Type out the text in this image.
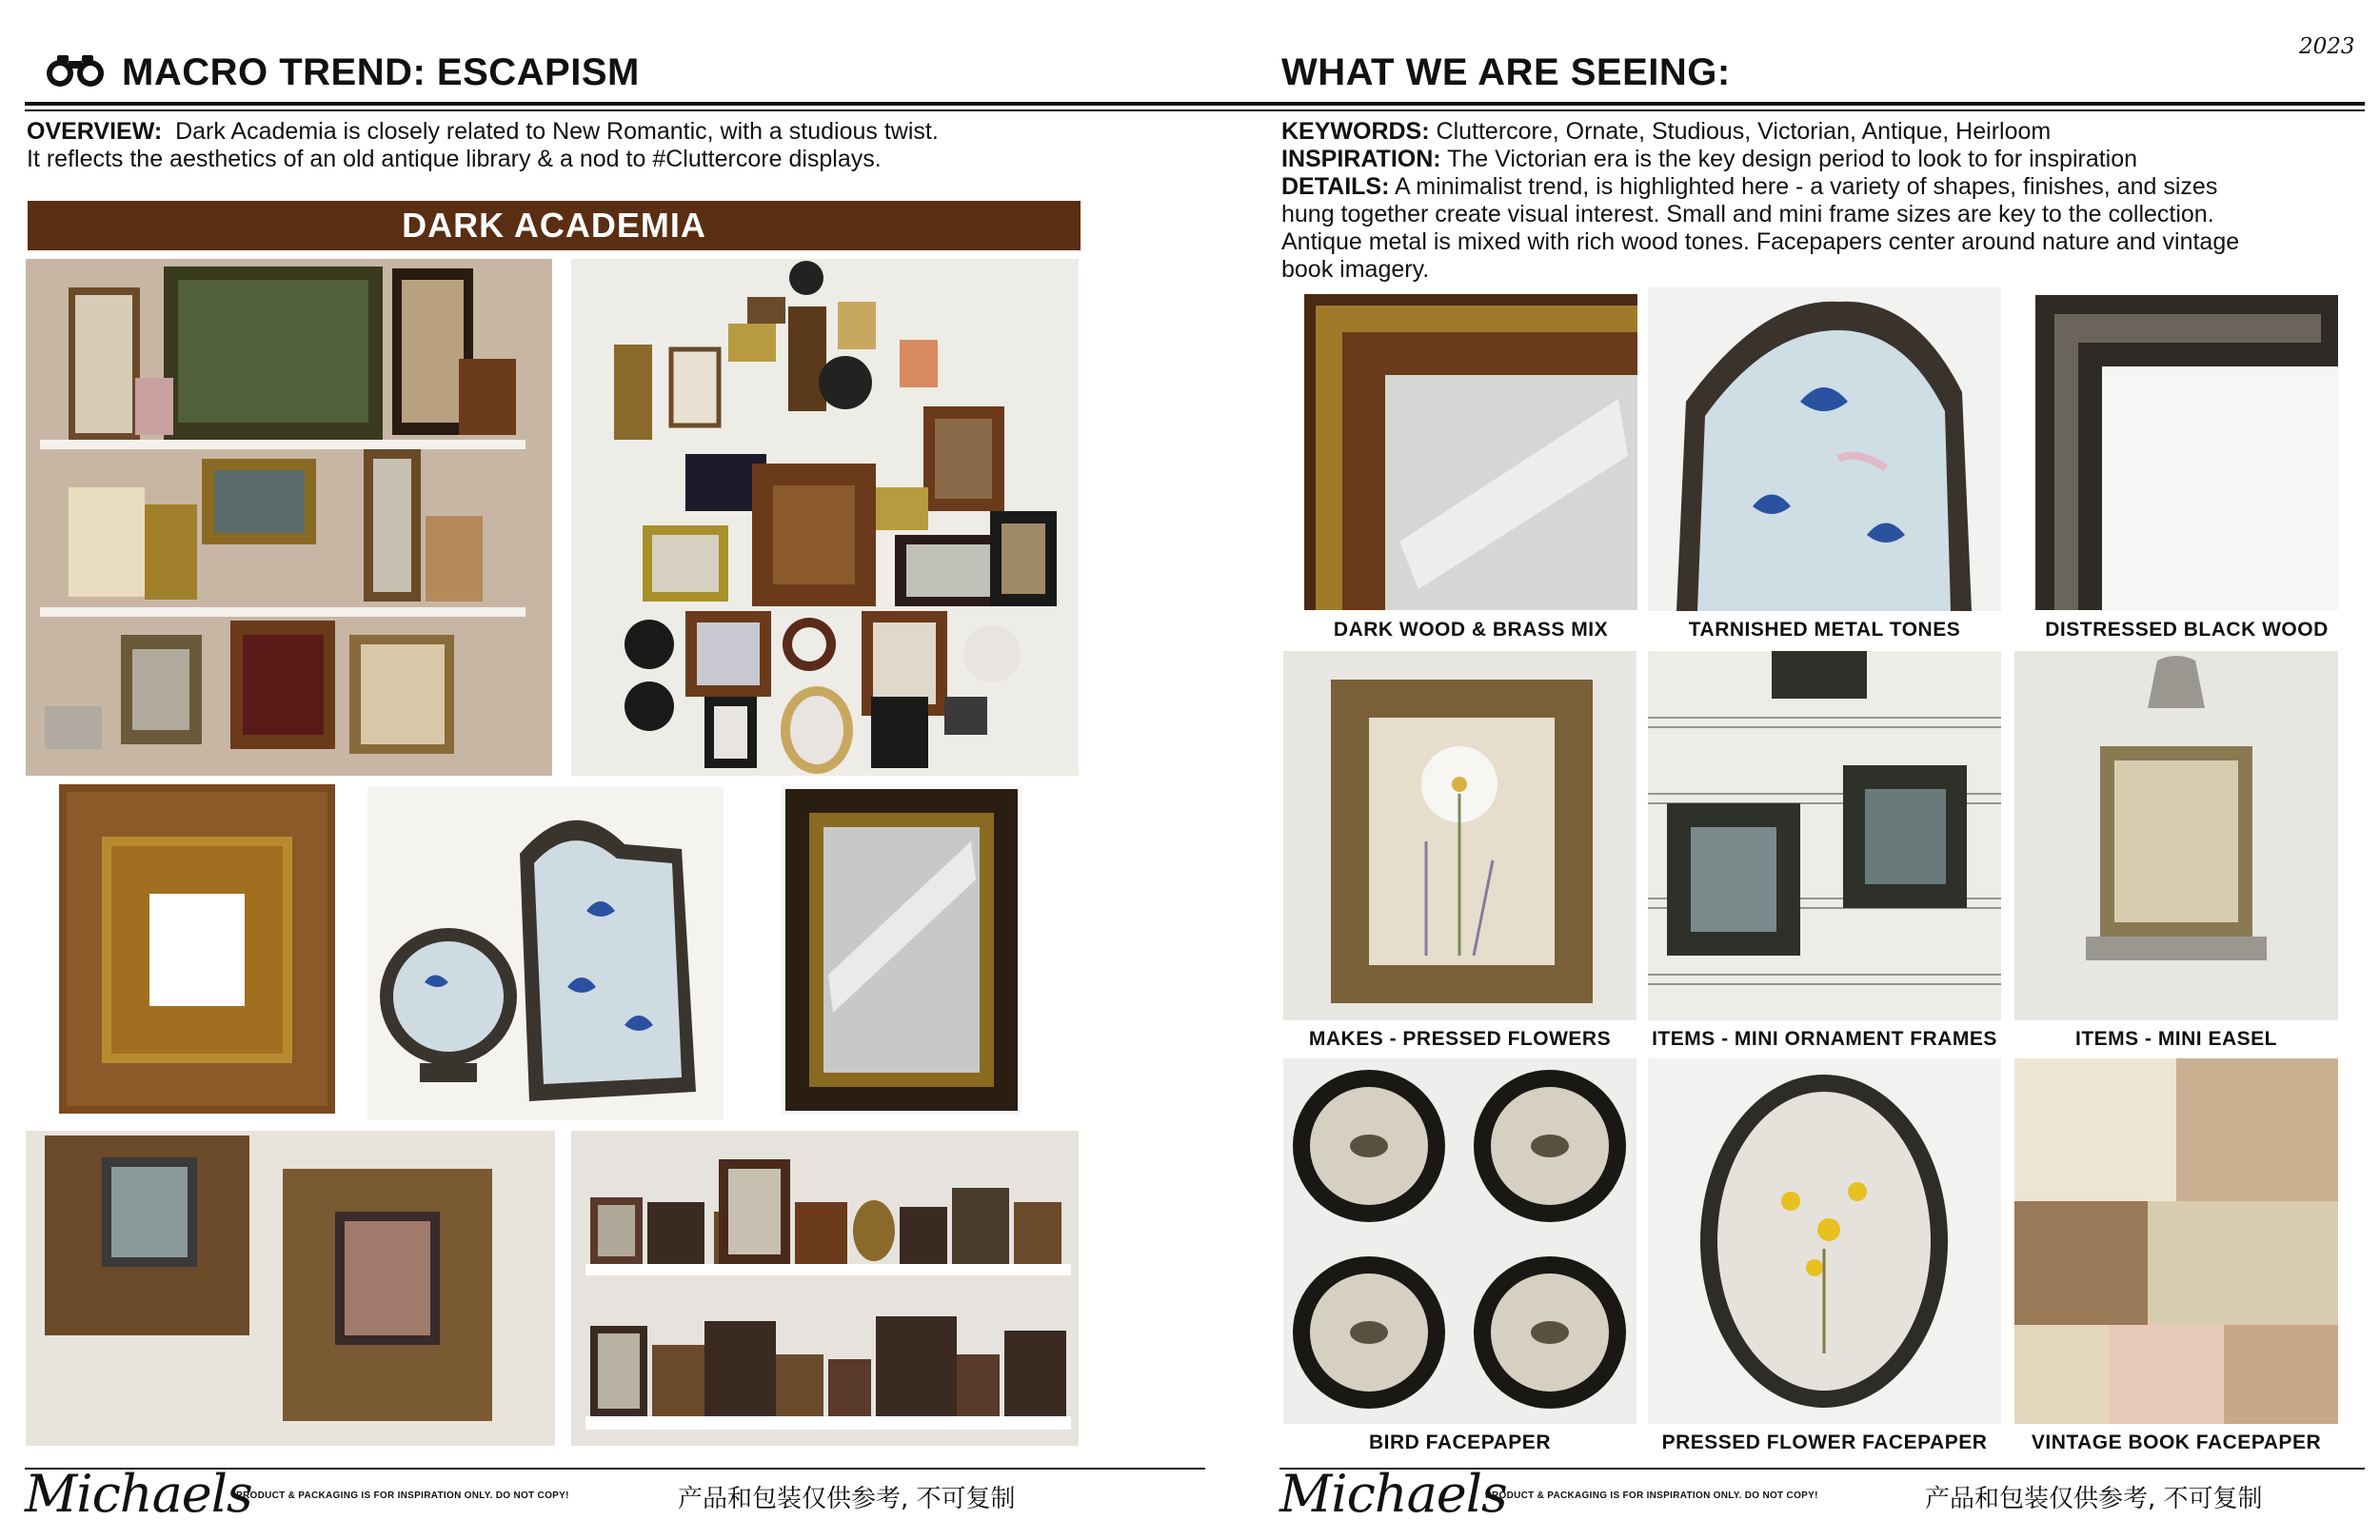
MACRO TREND: ESCAPISM
OVERVIEW: Dark Academia is closely related to New Romantic, with a studious twist.
It reflects the aesthetics of an old antique library & a nod to #Cluttercore displays.
DARK ACADEMIA
Michaels
PRODUCT & PACKAGING IS FOR INSPIRATION ONLY. DO NOT COPY!	产品和包装仅供参考, 不可复制
2023
WHAT WE ARE SEEING:
KEYWORDS: Cluttercore, Ornate, Studious, Victorian, Antique, Heirloom
INSPIRATION: The Victorian era is the key design period to look to for inspiration
DETAILS: A minimalist trend, is highlighted here - a variety of shapes, finishes, and sizes
hung together create visual interest. Small and mini frame sizes are key to the collection.
Antique metal is mixed with rich wood tones. Facepapers center around nature and vintage
book imagery.
DARK WOOD & BRASS MIX	TARNISHED METAL TONES	DISTRESSED BLACK WOOD
MAKES - PRESSED FLOWERS	ITEMS - MINI ORNAMENT FRAMES	ITEMS - MINI EASEL
BIRD FACEPAPER	PRESSED FLOWER FACEPAPER	VINTAGE BOOK FACEPAPER
Michaels
PRODUCT & PACKAGING IS FOR INSPIRATION ONLY. DO NOT COPY!	产品和包装仅供参考, 不可复制
